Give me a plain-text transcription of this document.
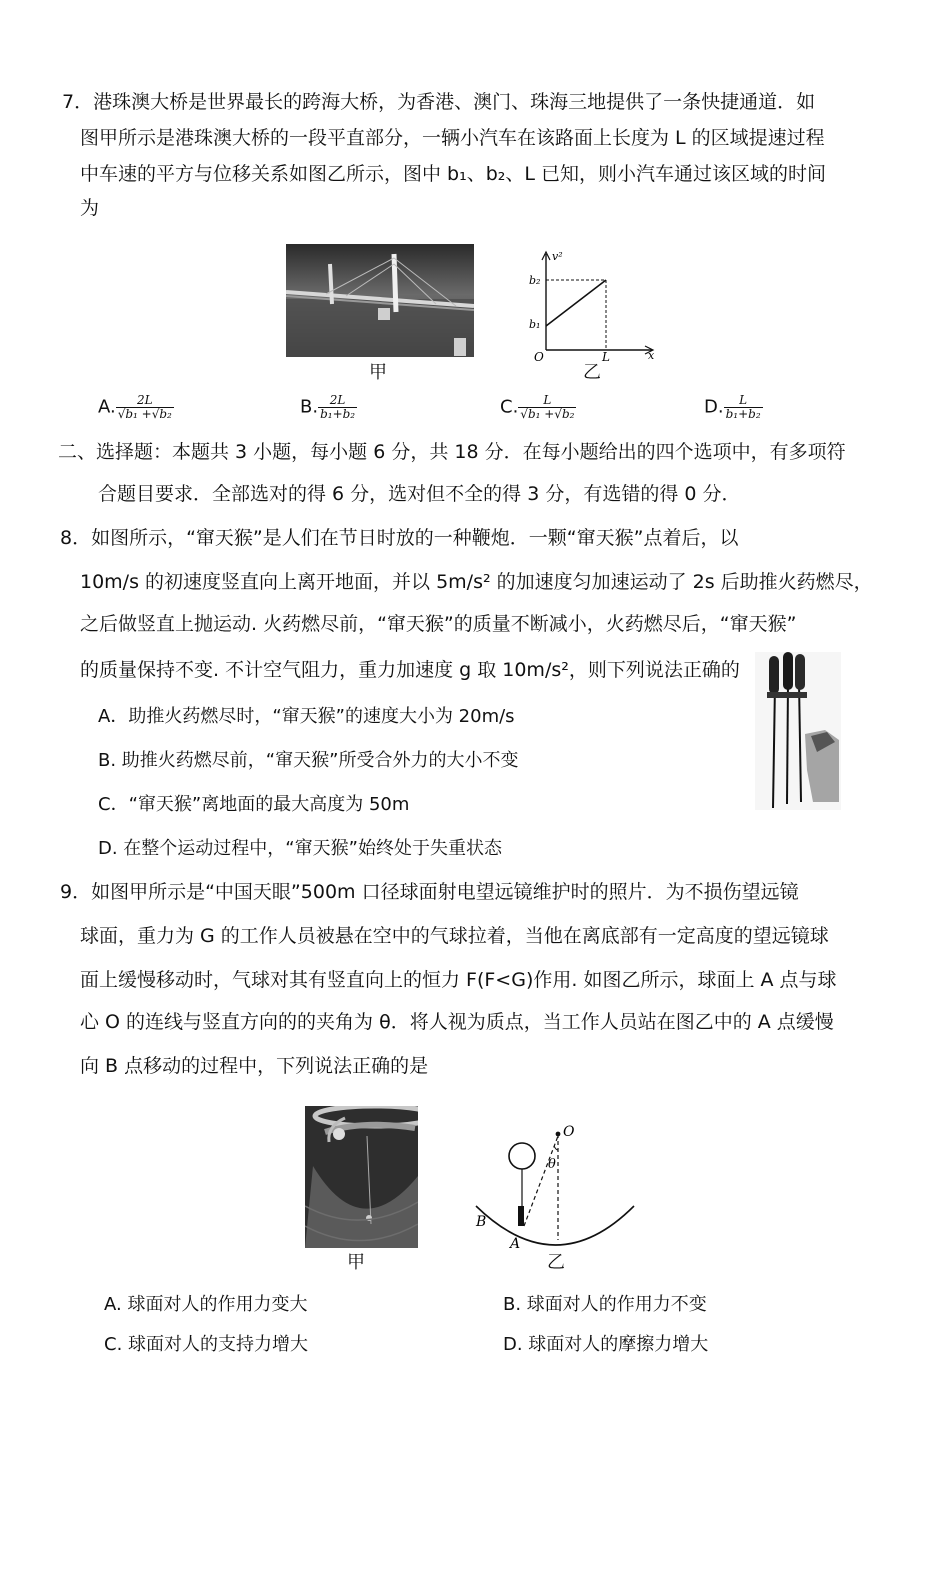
7．港珠澳大桥是世界最长的跨海大桥，为香港、澳门、珠海三地提供了一条快捷通道．如
图甲所示是港珠澳大桥的一段平直部分，一辆小汽车在该路面上长度为 L 的区域提速过程
中车速的平方与位移关系如图乙所示，图中 b₁、b₂、L 已知，则小汽车通过该区域的时间
为
甲
v²
x
O
b₂
b₁
L
乙
A. $\frac{2L}{\text{√b₁ +√b₂}}$	B. $\frac{2L}{\text{b₁+b₂}}$	C. $\frac{L}{\text{√b₁ +√b₂}}$	D. $\frac{L}{\text{b₁+b₂}}$
二、选择题：本题共 3 小题，每小题 6 分，共 18 分．在每小题给出的四个选项中，有多项符
合题目要求．全部选对的得 6 分，选对但不全的得 3 分，有选错的得 0 分．
8．如图所示，“窜天猴”是人们在节日时放的一种鞭炮．一颗“窜天猴”点着后，以
10m/s 的初速度竖直向上离开地面，并以 5m/s² 的加速度匀加速运动了 2s 后助推火药燃尽，
之后做竖直上抛运动. 火药燃尽前，“窜天猴”的质量不断减小，火药燃尽后，“窜天猴”
的质量保持不变. 不计空气阻力，重力加速度 g 取 10m/s²，则下列说法正确的
A．助推火药燃尽时，“窜天猴”的速度大小为 20m/s
B. 助推火药燃尽前，“窜天猴”所受合外力的大小不变
C．“窜天猴”离地面的最大高度为 50m
D. 在整个运动过程中，“窜天猴”始终处于失重状态
9．如图甲所示是“中国天眼”500m 口径球面射电望远镜维护时的照片．为不损伤望远镜
球面，重力为 G 的工作人员被悬在空中的气球拉着，当他在离底部有一定高度的望远镜球
面上缓慢移动时，气球对其有竖直向上的恒力 F(F<G)作用. 如图乙所示，球面上 A 点与球
心 O 的连线与竖直方向的的夹角为 θ．将人视为质点，当工作人员站在图乙中的 A 点缓慢
向 B 点移动的过程中，下列说法正确的是
甲
O
θ
A
B
乙
A. 球面对人的作用力变大	B. 球面对人的作用力不变
C. 球面对人的支持力增大	D. 球面对人的摩擦力增大
